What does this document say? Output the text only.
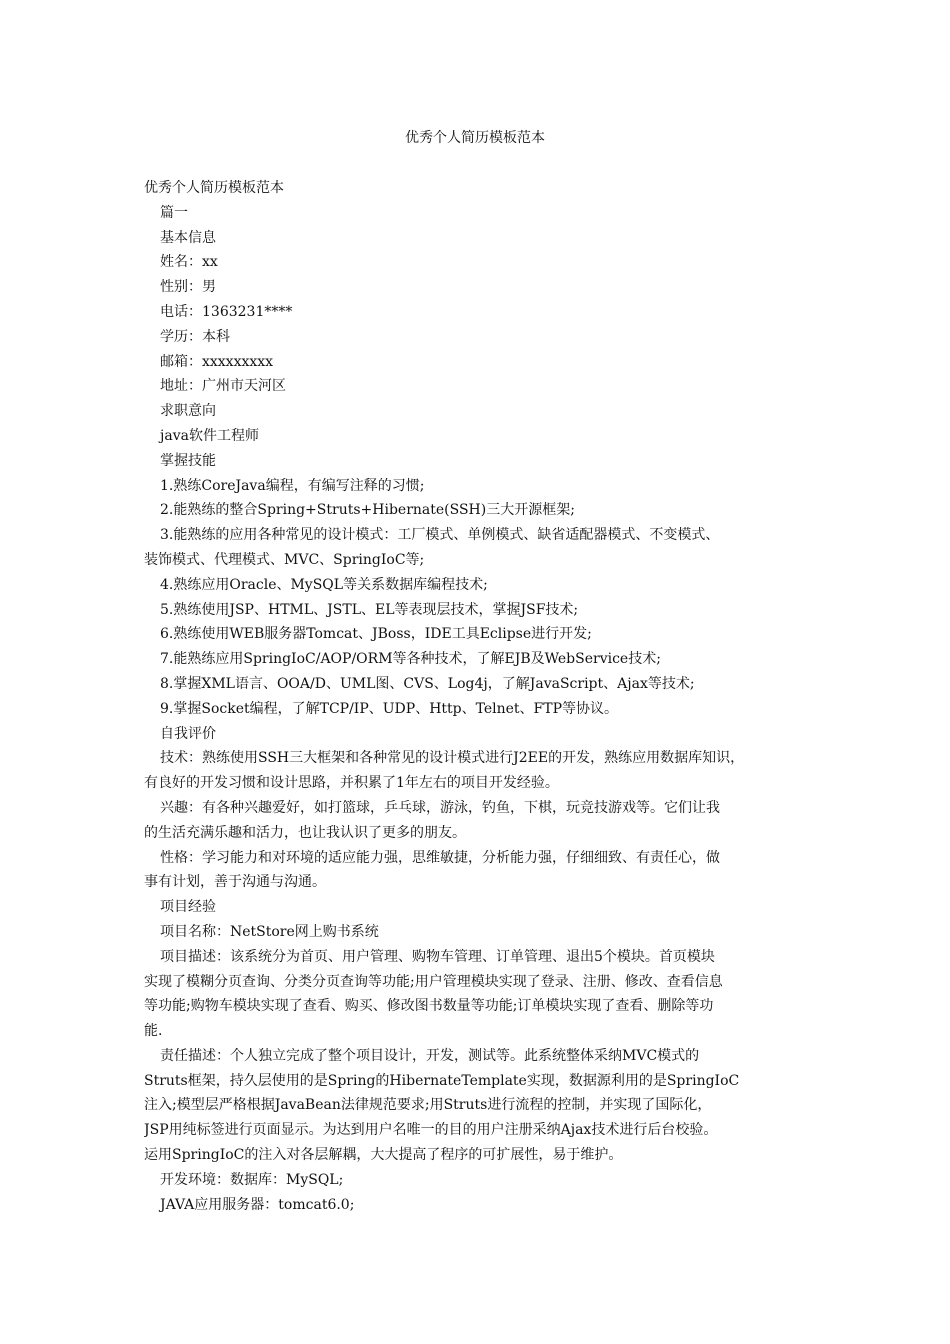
优秀个人简历模板范本
优秀个人简历模板范本
篇一
基本信息
姓名：xx
性别：男
电话：1363231****
学历：本科
邮箱：xxxxxxxxx
地址：广州市天河区
求职意向
java软件工程师
掌握技能
1.熟练CoreJava编程，有编写注释的习惯;
2.能熟练的整合Spring+Struts+Hibernate(SSH)三大开源框架;
3.能熟练的应用各种常见的设计模式：工厂模式、单例模式、缺省适配器模式、不变模式、
装饰模式、代理模式、MVC、SpringIoC等;
4.熟练应用Oracle、MySQL等关系数据库编程技术;
5.熟练使用JSP、HTML、JSTL、EL等表现层技术，掌握JSF技术;
6.熟练使用WEB服务器Tomcat、JBoss，IDE工具Eclipse进行开发;
7.能熟练应用SpringIoC/AOP/ORM等各种技术，了解EJB及WebService技术;
8.掌握XML语言、OOA/D、UML图、CVS、Log4j，了解JavaScript、Ajax等技术;
9.掌握Socket编程，了解TCP/IP、UDP、Http、Telnet、FTP等协议。
自我评价
技术：熟练使用SSH三大框架和各种常见的设计模式进行J2EE的开发，熟练应用数据库知识，
有良好的开发习惯和设计思路，并积累了1年左右的项目开发经验。
兴趣：有各种兴趣爱好，如打篮球，乒乓球，游泳，钓鱼，下棋，玩竞技游戏等。它们让我
的生活充满乐趣和活力，也让我认识了更多的朋友。
性格：学习能力和对环境的适应能力强，思维敏捷，分析能力强，仔细细致、有责任心，做
事有计划，善于沟通与沟通。
项目经验
项目名称：NetStore网上购书系统
项目描述：该系统分为首页、用户管理、购物车管理、订单管理、退出5个模块。首页模块
实现了模糊分页查询、分类分页查询等功能;用户管理模块实现了登录、注册、修改、查看信息
等功能;购物车模块实现了查看、购买、修改图书数量等功能;订单模块实现了查看、删除等功
能.
责任描述：个人独立完成了整个项目设计，开发，测试等。此系统整体采纳MVC模式的
Struts框架，持久层使用的是Spring的HibernateTemplate实现，数据源利用的是SpringIoC
注入;模型层严格根据JavaBean法律规范要求;用Struts进行流程的控制，并实现了国际化，
JSP用纯标签进行页面显示。为达到用户名唯一的目的用户注册采纳Ajax技术进行后台校验。
运用SpringIoC的注入对各层解耦，大大提高了程序的可扩展性，易于维护。
开发环境：数据库：MySQL;
JAVA应用服务器：tomcat6.0;
